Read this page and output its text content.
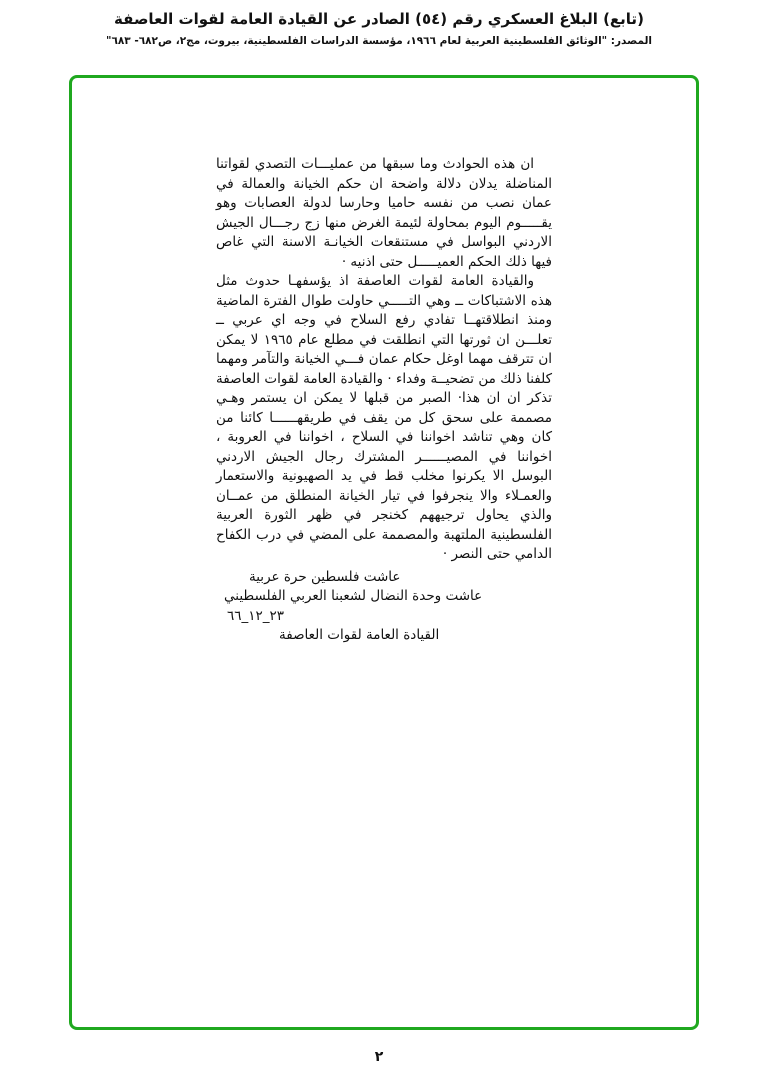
(تابع) البلاغ العسكري رقم (٥٤) الصادر عن القيادة العامة لقوات العاصفة
المصدر: "الوثائق الفلسطينية العربية لعام ١٩٦٦، مؤسسة الدراسات الفلسطينية، بيروت، مج٢، ص٦٨٢- ٦٨٣"

ان هذه الحوادث وما سبقها من عمليـــات التصدي لقواتنا المناضلة يدلان دلالة واضحة ان حكم الخيانة والعمالة في عمان نصب من نفسه حاميا وحارسا لدولة العصابات وهو يقـــــوم اليوم بمحاولة لئيمة الغرض منها زج رجـــال الجيش الاردني البواسل في مستنقعات الخيانـة الاسنة التي غاص فيها ذلك الحكم العميـــــل حتى اذنيه ·

والقيادة العامة لقوات العاصفة اذ يؤسفهـا حدوث مثل هذه الاشتباكات ــ وهي التـــــي حاولت طوال الفترة الماضية ومنذ انطلاقتهــا تفادي رفع السلاح في وجه اي عربي ــ تعلـــن ان ثورتها التي انطلقت في مطلع عام ١٩٦٥ لا يمكن ان تترقف مهما اوغل حكام عمان فـــي الخيانة والتآمر ومهما كلفنا ذلك من تضحيــة وفداء · والقيادة العامة لقوات العاصفة تذكر ان ان هذا· الصبر من قبلها لا يمكن ان يستمر وهـي مصممة على سحق كل من يقف في طريقهــــــا كائنا من كان وهي تناشد اخواننا في السلاح ، اخواننا في العروبة ، اخواننا في المصيــــــر المشترك رجال الجيش الاردني البوسل الا يكرنوا مخلب قط في يد الصهيونية والاستعمار والعمـلاء والا ينجرفوا في تيار الخيانة المنطلق من عمــان والذي يحاول ترجيههم كخنجر في ظهر الثورة العربية الفلسطينية الملتهبة والمصممة على المضي في درب الكفاح الدامي حتى النصر ·

عاشت فلسطين حرة عربية
عاشت وحدة النضال لشعبنا العربي الفلسطيني
٢٣_١٢_٦٦
القيادة العامة لقوات العاصفة
٢
